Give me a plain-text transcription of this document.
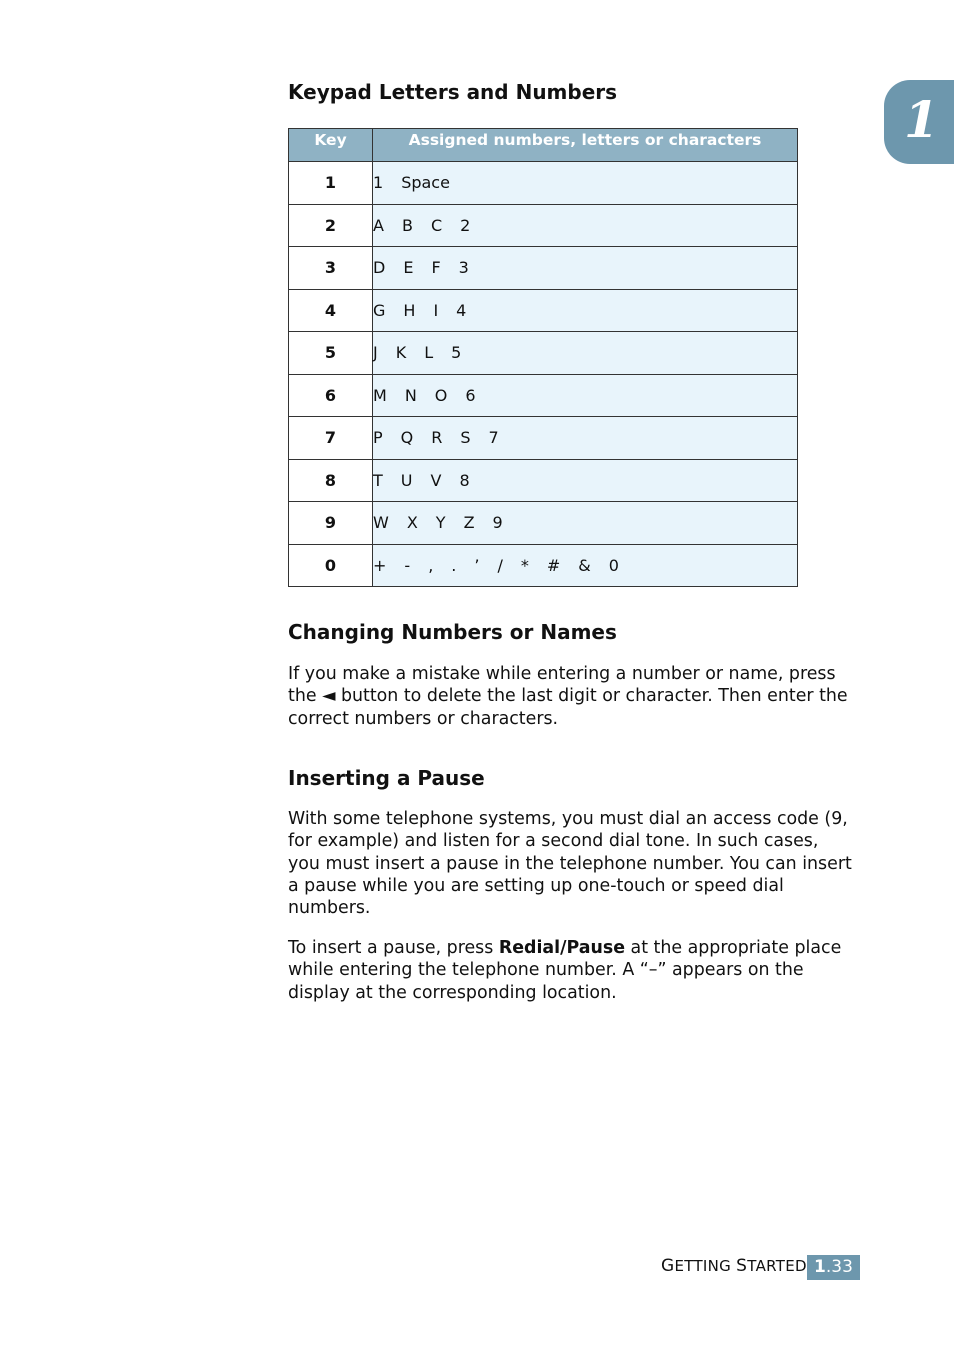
1
Keypad Letters and Numbers
Key	Assigned numbers, letters or characters
1	1 Space
2	A B C 2
3	D E F 3
4	G H I 4
5	J K L 5
6	M N O 6
7	P Q R S 7
8	T U V 8
9	W X Y Z 9
0	+ - , . ’ / * # & 0
Changing Numbers or Names

If you make a mistake while entering a number or name, press the ◄ button to delete the last digit or character. Then enter the correct numbers or characters.

Inserting a Pause

With some telephone systems, you must dial an access code (9, for example) and listen for a second dial tone. In such cases, you must insert a pause in the telephone number. You can insert a pause while you are setting up one-touch or speed dial numbers.

To insert a pause, press Redial/Pause at the appropriate place while entering the telephone number. A “–” appears on the display at the corresponding location.

GETTING STARTED 1.33
